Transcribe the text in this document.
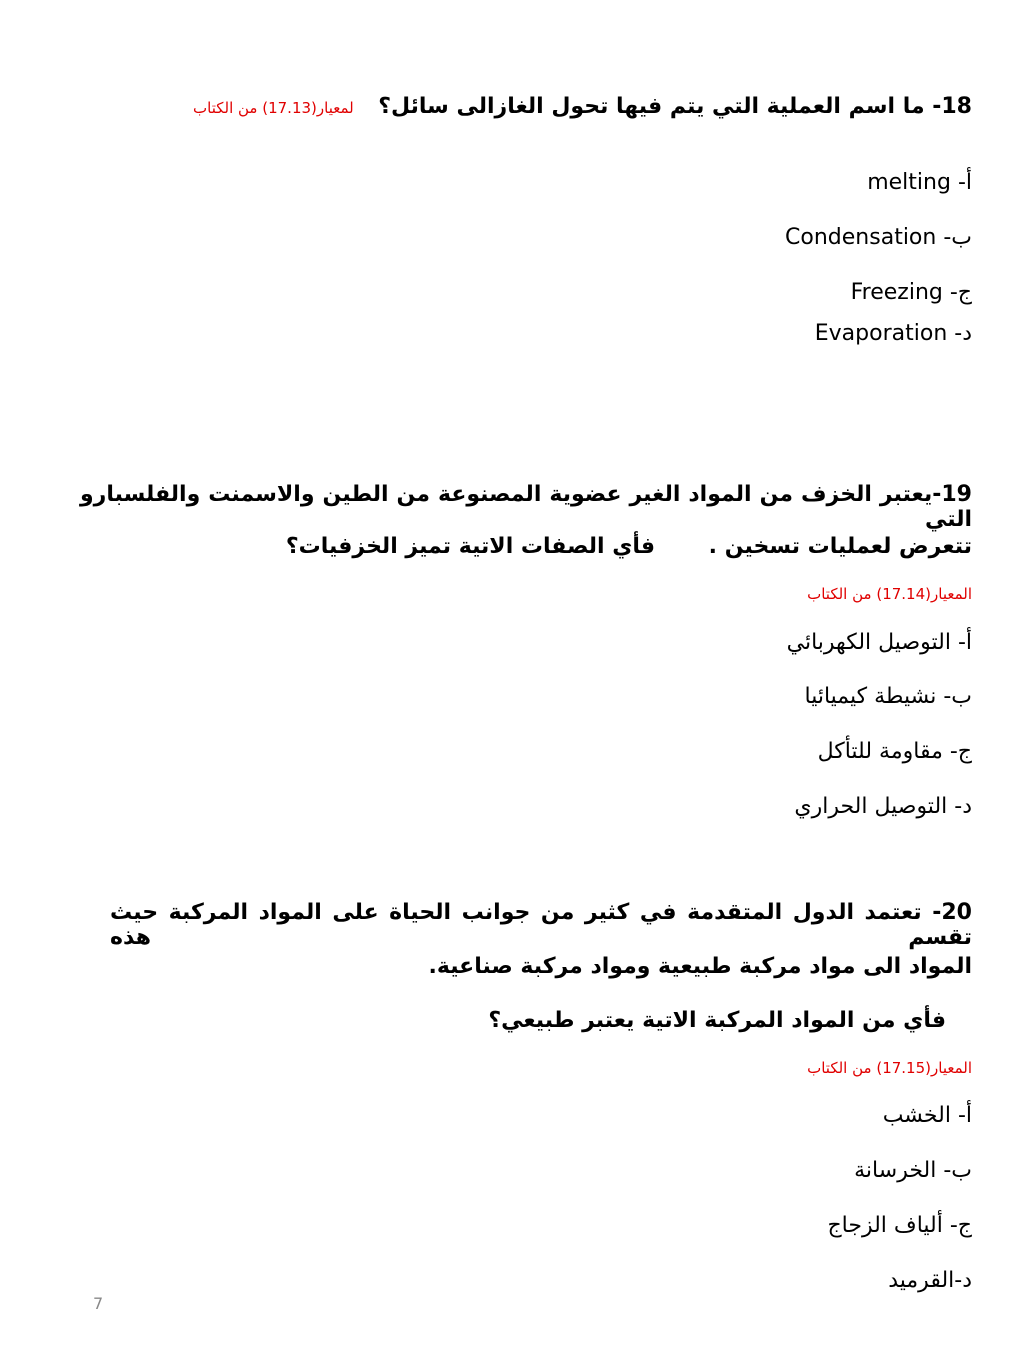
18- ما اسم العملية التي يتم فيها تحول الغازالى سائل؟
لمعيار(17.13) من الكتاب
أ- melting
ب- Condensation
ج- Freezing
د- Evaporation
19-يعتبر الخزف من المواد الغير عضوية المصنوعة من الطين والاسمنت والفلسبارو التي
تتعرض لعمليات تسخين .       فأي الصفات الاتية تميز الخزفيات؟
المعيار(17.14) من الكتاب
أ- التوصيل الكهربائي
ب- نشيطة كيميائيا
ج- مقاومة للتأكل
د- التوصيل الحراري
20- تعتمد الدول المتقدمة في كثير من جوانب الحياة على المواد المركبة حيث تقسم هذه
المواد الى مواد مركبة طبيعية ومواد مركبة صناعية.
فأي من المواد المركبة الاتية يعتبر طبيعي؟
المعيار(17.15) من الكتاب
أ- الخشب
ب- الخرسانة
ج- ألياف الزجاج
د-القرميد
7
